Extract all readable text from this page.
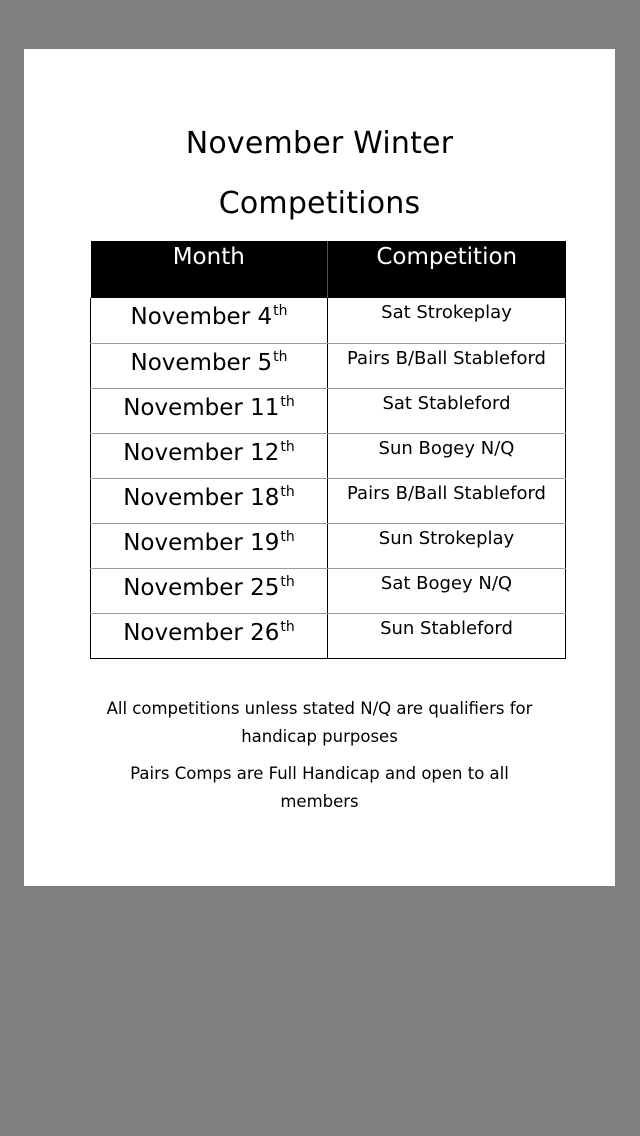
November Winter
Competitions
Month	Competition
November 4th	Sat Strokeplay
November 5th	Pairs B/Ball Stableford
November 11th	Sat Stableford
November 12th	Sun Bogey N/Q
November 18th	Pairs B/Ball Stableford
November 19th	Sun Strokeplay
November 25th	Sat Bogey N/Q
November 26th	Sun Stableford
All competitions unless stated N/Q are qualifiers for handicap purposes
Pairs Comps are Full Handicap and open to all members
